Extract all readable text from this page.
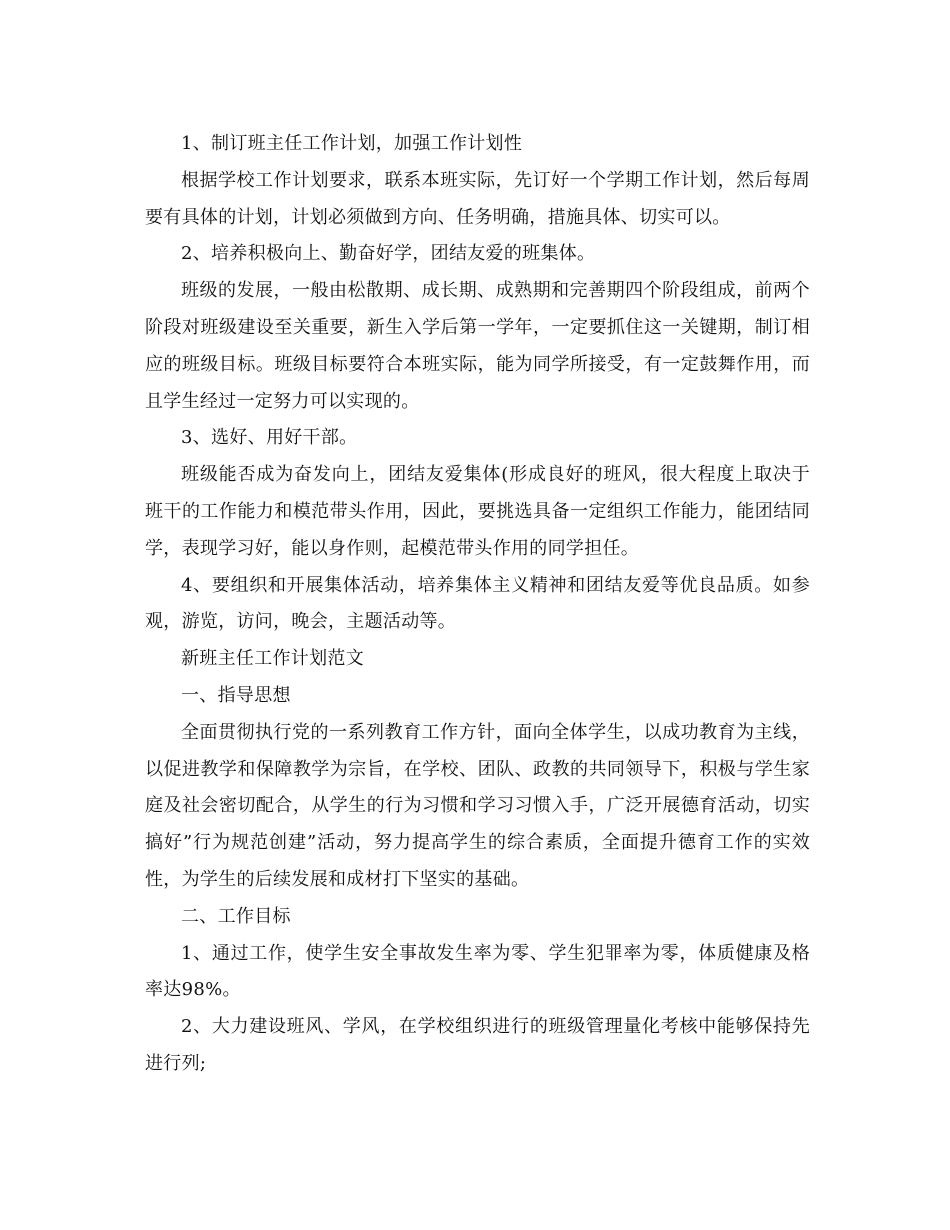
1、制订班主任工作计划，加强工作计划性

根据学校工作计划要求，联系本班实际，先订好一个学期工作计划，然后每周要有具体的计划，计划必须做到方向、任务明确，措施具体、切实可以。

2、培养积极向上、勤奋好学，团结友爱的班集体。

班级的发展，一般由松散期、成长期、成熟期和完善期四个阶段组成，前两个阶段对班级建设至关重要，新生入学后第一学年，一定要抓住这一关键期，制订相应的班级目标。班级目标要符合本班实际，能为同学所接受，有一定鼓舞作用，而且学生经过一定努力可以实现的。

3、选好、用好干部。

班级能否成为奋发向上，团结友爱集体(形成良好的班风，很大程度上取决于班干的工作能力和模范带头作用，因此，要挑选具备一定组织工作能力，能团结同学，表现学习好，能以身作则，起模范带头作用的同学担任。

4、要组织和开展集体活动，培养集体主义精神和团结友爱等优良品质。如参观，游览，访问，晚会，主题活动等。

新班主任工作计划范文

一、指导思想

全面贯彻执行党的一系列教育工作方针，面向全体学生，以成功教育为主线，以促进教学和保障教学为宗旨，在学校、团队、政教的共同领导下，积极与学生家庭及社会密切配合，从学生的行为习惯和学习习惯入手，广泛开展德育活动，切实搞好”行为规范创建”活动，努力提高学生的综合素质，全面提升德育工作的实效性，为学生的后续发展和成材打下坚实的基础。

二、工作目标

1、通过工作，使学生安全事故发生率为零、学生犯罪率为零，体质健康及格率达98%。

2、大力建设班风、学风，在学校组织进行的班级管理量化考核中能够保持先进行列;
